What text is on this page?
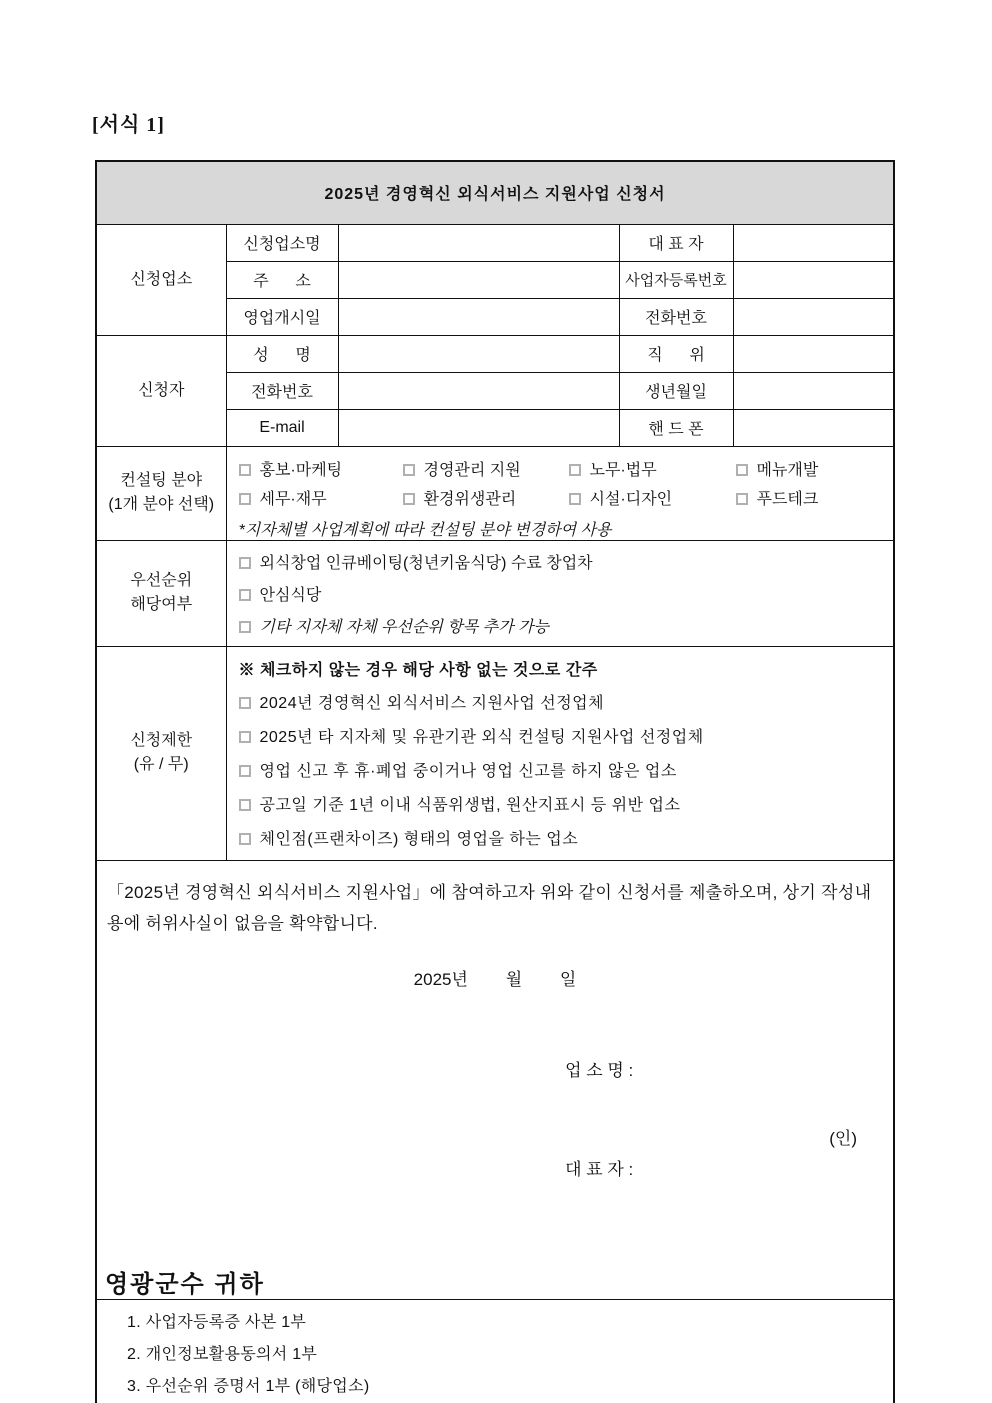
[서식 1]
2025년 경영혁신 외식서비스 지원사업 신청서				
신청업소	신청업소명		대 표 자	
	주      소		사업자등록번호	
	영업개시일		전화번호	
신청자	성      명		직      위	
	전화번호		생년월일	
	E-mail		핸 드 폰	

컨설팅 분야
(1개 분야 선택)

홍보·마케팅	경영관리 지원	노무·법무	메뉴개발
세무·재무	환경위생관리	시설·디자인	푸드테크
*지자체별 사업계획에 따라 컨설팅 분야 변경하여 사용

우선순위
해당여부

외식창업 인큐베이팅(청년키움식당) 수료 창업차
안심식당
기타 지자체 자체 우선순위 항목 추가 가능

신청제한
(유 / 무)

※ 체크하지 않는 경우 해당 사항 없는 것으로 간주
2024년 경영혁신 외식서비스 지원사업 선정업체
2025년 타 지자체 및 유관기관 외식 컨설팅 지원사업 선정업체
영업 신고 후 휴·폐업 중이거나 영업 신고를 하지 않은 업소
공고일 기준 1년 이내 식품위생법, 원산지표시 등 위반 업소
체인점(프랜차이즈) 형태의 영업을 하는 업소

「2025년 경영혁신 외식서비스 지원사업」에 참여하고자 위와 같이 신청서를 제출하오며, 상기 작성내용에 허위사실이 없음을 확약합니다.
2025년        월        일

업 소 명 :

대 표 자 :

(인)

영광군수 귀하

1. 사업자등록증 사본 1부
2. 개인정보활용동의서 1부
3. 우선순위 증명서 1부 (해당업소)				
